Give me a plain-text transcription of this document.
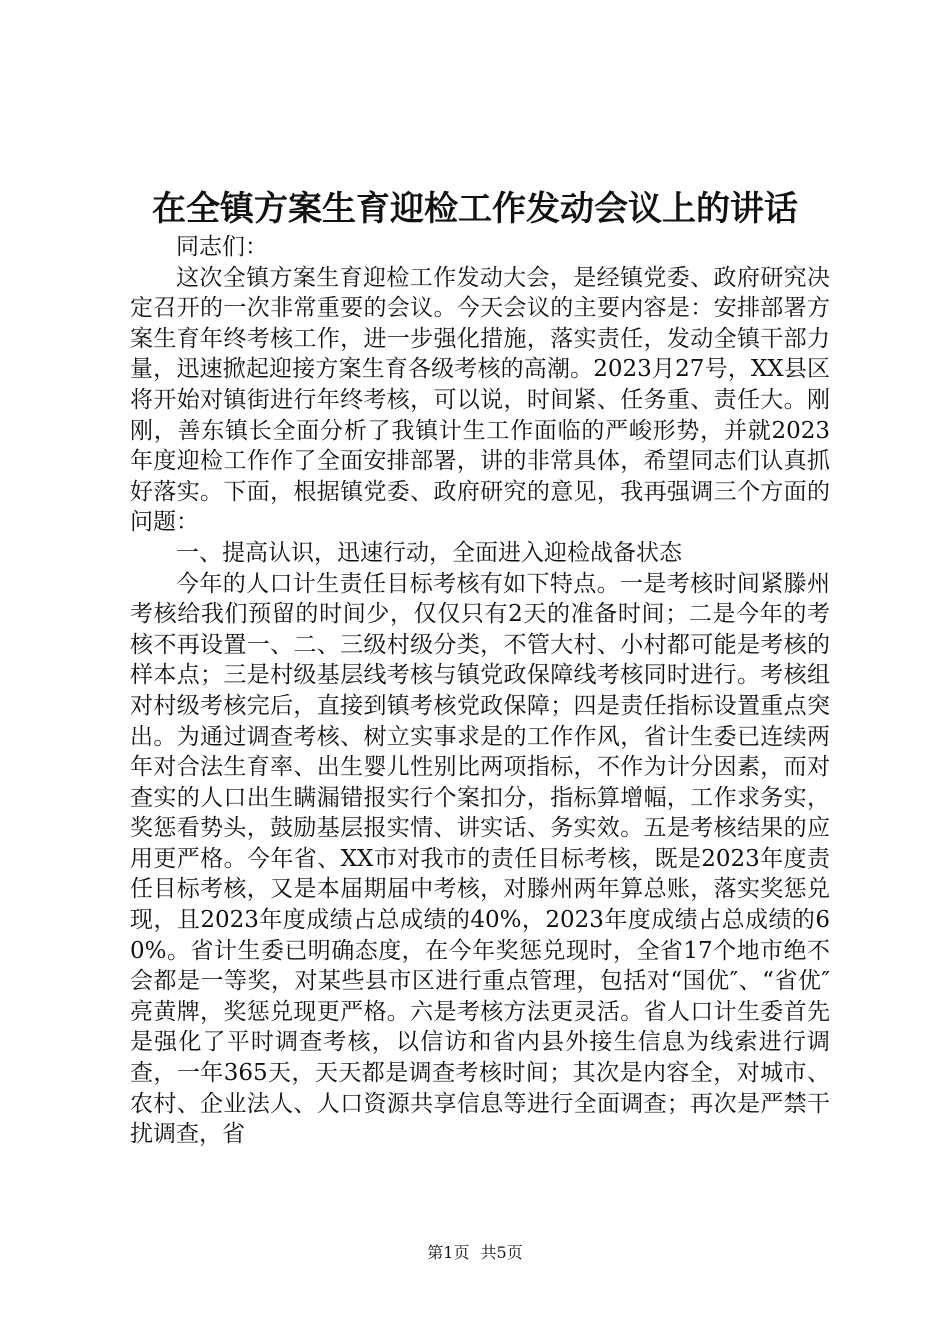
在全镇方案生育迎检工作发动会议上的讲话

同志们：

这次全镇方案生育迎检工作发动大会，是经镇党委、政府研究决定召开的一次非常重要的会议。今天会议的主要内容是：安排部署方案生育年终考核工作，进一步强化措施，落实责任，发动全镇干部力量，迅速掀起迎接方案生育各级考核的高潮。2023月27号，XX县区将开始对镇街进行年终考核，可以说，时间紧、任务重、责任大。刚刚，善东镇长全面分析了我镇计生工作面临的严峻形势，并就2023年度迎检工作作了全面安排部署，讲的非常具体，希望同志们认真抓好落实。下面，根据镇党委、政府研究的意见，我再强调三个方面的问题：

一、提高认识，迅速行动，全面进入迎检战备状态

今年的人口计生责任目标考核有如下特点。一是考核时间紧滕州考核给我们预留的时间少，仅仅只有2天的准备时间；二是今年的考核不再设置一、二、三级村级分类，不管大村、小村都可能是考核的样本点；三是村级基层线考核与镇党政保障线考核同时进行。考核组对村级考核完后，直接到镇考核党政保障；四是责任指标设置重点突出。为通过调查考核、树立实事求是的工作作风，省计生委已连续两年对合法生育率、出生婴儿性别比两项指标，不作为计分因素，而对查实的人口出生瞒漏错报实行个案扣分，指标算增幅，工作求务实，奖惩看势头，鼓励基层报实情、讲实话、务实效。五是考核结果的应用更严格。今年省、XX市对我市的责任目标考核，既是2023年度责任目标考核，又是本届期届中考核，对滕州两年算总账，落实奖惩兑现，且2023年度成绩占总成绩的40%，2023年度成绩占总成绩的60%。省计生委已明确态度，在今年奖惩兑现时，全省17个地市绝不会都是一等奖，对某些县市区进行重点管理，包括对“国优″、“省优″亮黄牌，奖惩兑现更严格。六是考核方法更灵活。省人口计生委首先是强化了平时调查考核，以信访和省内县外接生信息为线索进行调查，一年365天，天天都是调查考核时间；其次是内容全，对城市、农村、企业法人、人口资源共享信息等进行全面调查；再次是严禁干扰调查，省

第1页 共5页
